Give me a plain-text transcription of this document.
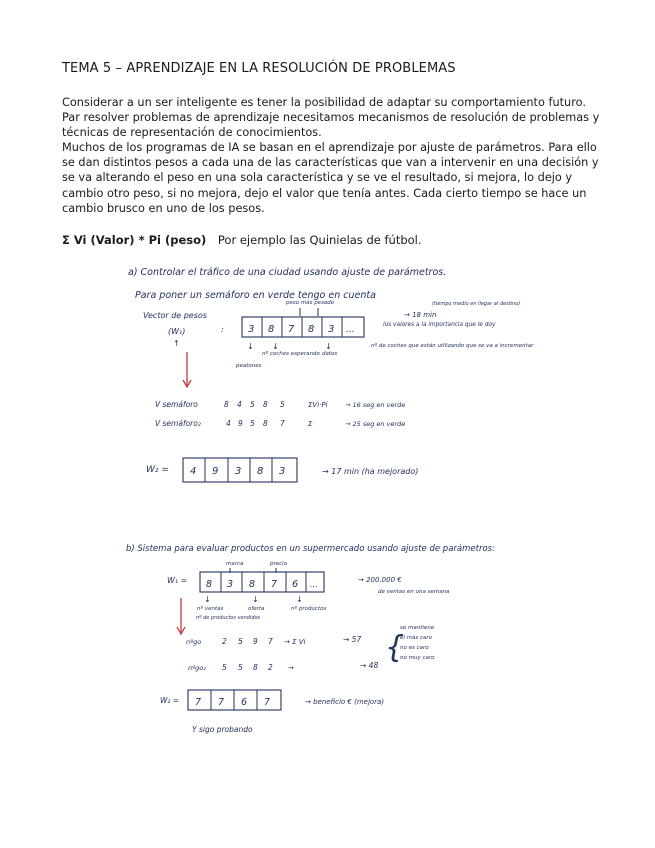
TEMA 5 – APRENDIZAJE EN LA RESOLUCIÓN DE PROBLEMAS

Considerar a un ser inteligente es tener la posibilidad de adaptar su comportamiento futuro. Par resolver problemas de aprendizaje necesitamos mecanismos de resolución de problemas y técnicas de representación de conocimientos.

Muchos de los programas de IA se basan en el aprendizaje por ajuste de parámetros. Para ello se dan distintos pesos a cada una de las características que van a intervenir en una decisión y se va alterando el peso en una sola característica y se ve el resultado, si mejora, lo dejo y cambio otro peso, si no mejora, dejo el valor que tenía antes. Cada cierto tiempo se hace un cambio brusco en uno de los pesos.

Σ Vi (Valor) * Pi (peso) Por ejemplo las Quinielas de fútbol.
a) Controlar el tráfico de una ciudad usando ajuste de parámetros.
Para poner un semáforo en verde tengo en cuenta
peso más pesado
Vector de pesos
(W₁)	:
↑
3 8 7 8 3 ...
→ 18 min
(tiempo medio en llegar al destino)
los valores a la importancia que le doy
↓ ↓	↓
peatones
nº coches esperando datos
nº de coches que están utilizando que se va a incrementar
V semáforo	8 4 5 8 5	ΣVi·Pi	→ 16 seg en verde
V semáforo₂	4 9 5 8 7	Σ	→ 25 seg en verde
W₂ = 4 9 3 8 3	→ 17 min (ha mejorado)
b) Sistema para evaluar productos en un supermercado usando ajuste de parámetros:
marca	precio
W₁ = 8 3 8 7 6 ...	→ 200.000 €
de ventas en una semana
↓	↓	↓
nº ventas	oferta	nº productos
nº de productos vendidos
nºgo	2 5 9 7 → Σ Vi	→ 57 {
se mantiene
el más caro
no es caro
no muy caro
nºgo₂ 5 5 8 2 →	→ 48
W₂ = 7 7 6 7	→ beneficio € (mejora)
Y sigo probando
